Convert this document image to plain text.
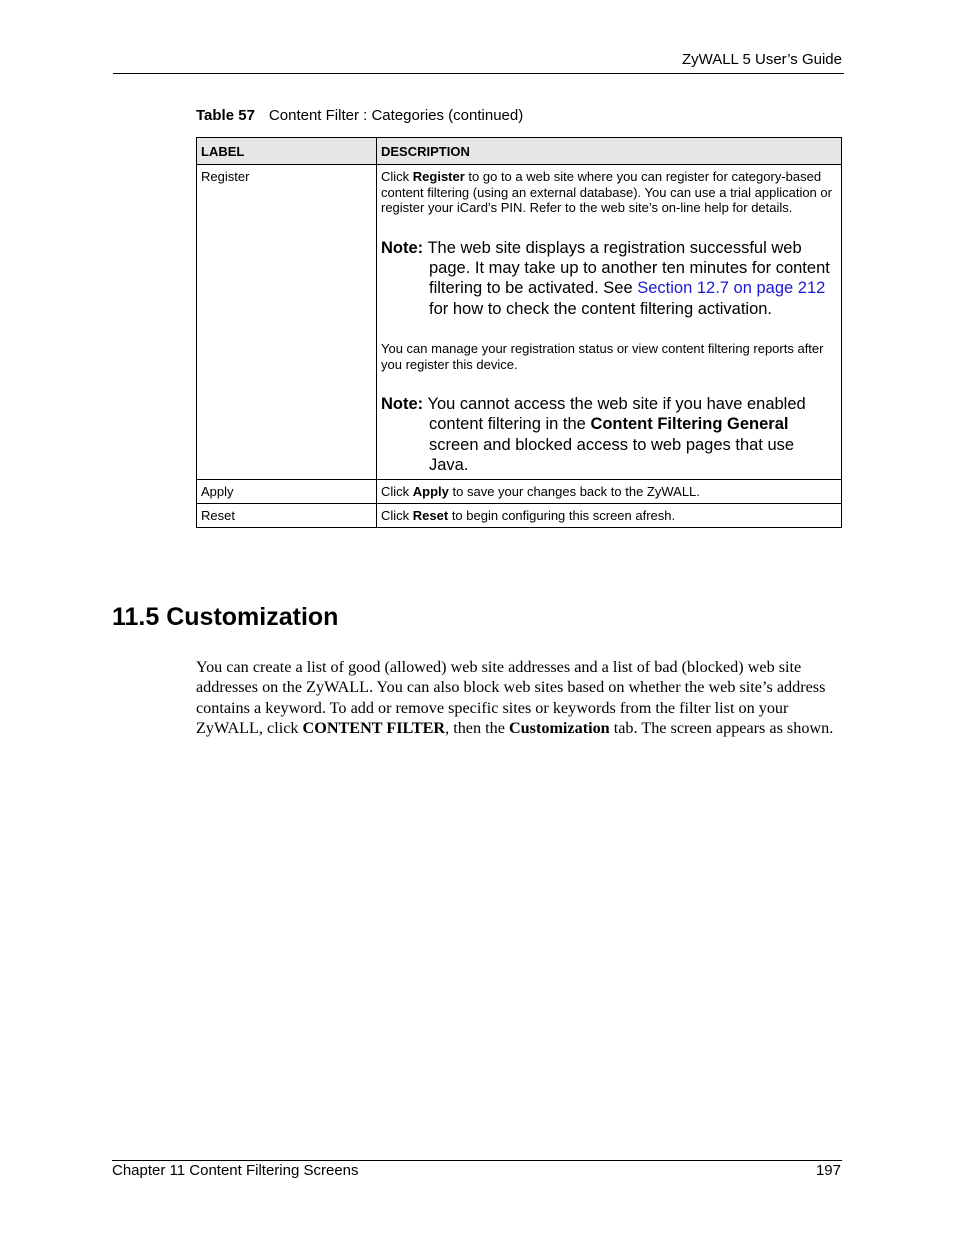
ZyWALL 5 User’s Guide
Table 57 Content Filter : Categories (continued)
LABEL	DESCRIPTION
Register	Click Register to go to a web site where you can register for category-based content filtering (using an external database). You can use a trial application or register your iCard’s PIN. Refer to the web site’s on-line help for details.
Note: The web site displays a registration successful web page. It may take up to another ten minutes for content filtering to be activated. See Section 12.7 on page 212 for how to check the content filtering activation.
You can manage your registration status or view content filtering reports after you register this device.
Note: You cannot access the web site if you have enabled content filtering in the Content Filtering General screen and blocked access to web pages that use Java.

Apply	Click Apply to save your changes back to the ZyWALL.
Reset	Click Reset to begin configuring this screen afresh.
11.5 Customization
You can create a list of good (allowed) web site addresses and a list of bad (blocked) web site addresses on the ZyWALL. You can also block web sites based on whether the web site’s address contains a keyword. To add or remove specific sites or keywords from the filter list on your ZyWALL, click CONTENT FILTER, then the Customization tab. The screen appears as shown.
Chapter 11 Content Filtering Screens	197
